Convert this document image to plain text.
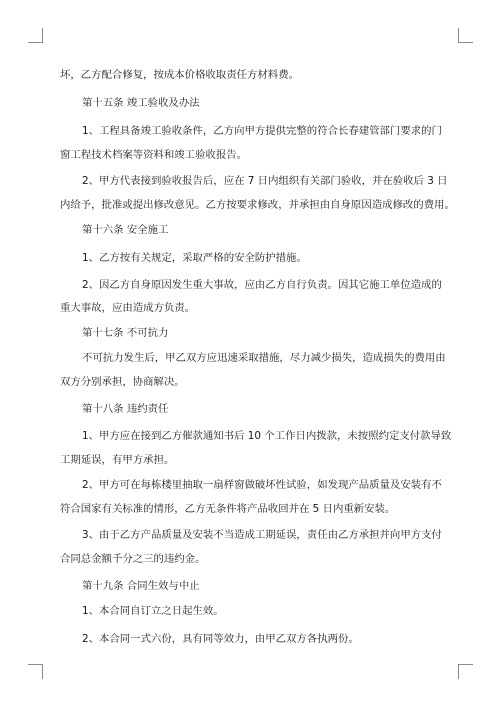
坏，乙方配合修复，按成本价格收取责任方材料费。
第十五条 竣工验收及办法
1、工程具备竣工验收条件，乙方向甲方提供完整的符合长春建管部门要求的门
窗工程技术档案等资料和竣工验收报告。
2、甲方代表接到验收报告后，应在 7 日内组织有关部门验收，并在验收后 3 日
内给予，批准或提出修改意见。乙方按要求修改，并承担由自身原因造成修改的费用。
第十六条 安全施工
1、乙方按有关规定，采取严格的安全防护措施。
2、因乙方自身原因发生重大事故，应由乙方自行负责。因其它施工单位造成的
重大事故，应由造成方负责。
第十七条 不可抗力
不可抗力发生后，甲乙双方应迅速采取措施，尽力减少损失，造成损失的费用由
双方分别承担，协商解决。
第十八条 违约责任
1、甲方应在接到乙方催款通知书后 10 个工作日内拨款，未按照约定支付款导致
工期延误，有甲方承担。
2、甲方可在每栋楼里抽取一扇样窗做破坏性试验，如发现产品质量及安装有不
符合国家有关标准的情形，乙方无条件将产品收回并在 5 日内重新安装。
3、由于乙方产品质量及安装不当造成工期延误，责任由乙方承担并向甲方支付
合同总金额千分之三的违约金。
第十九条 合同生效与中止
1、本合同自订立之日起生效。
2、本合同一式六份，具有同等效力，由甲乙双方各执两份。
